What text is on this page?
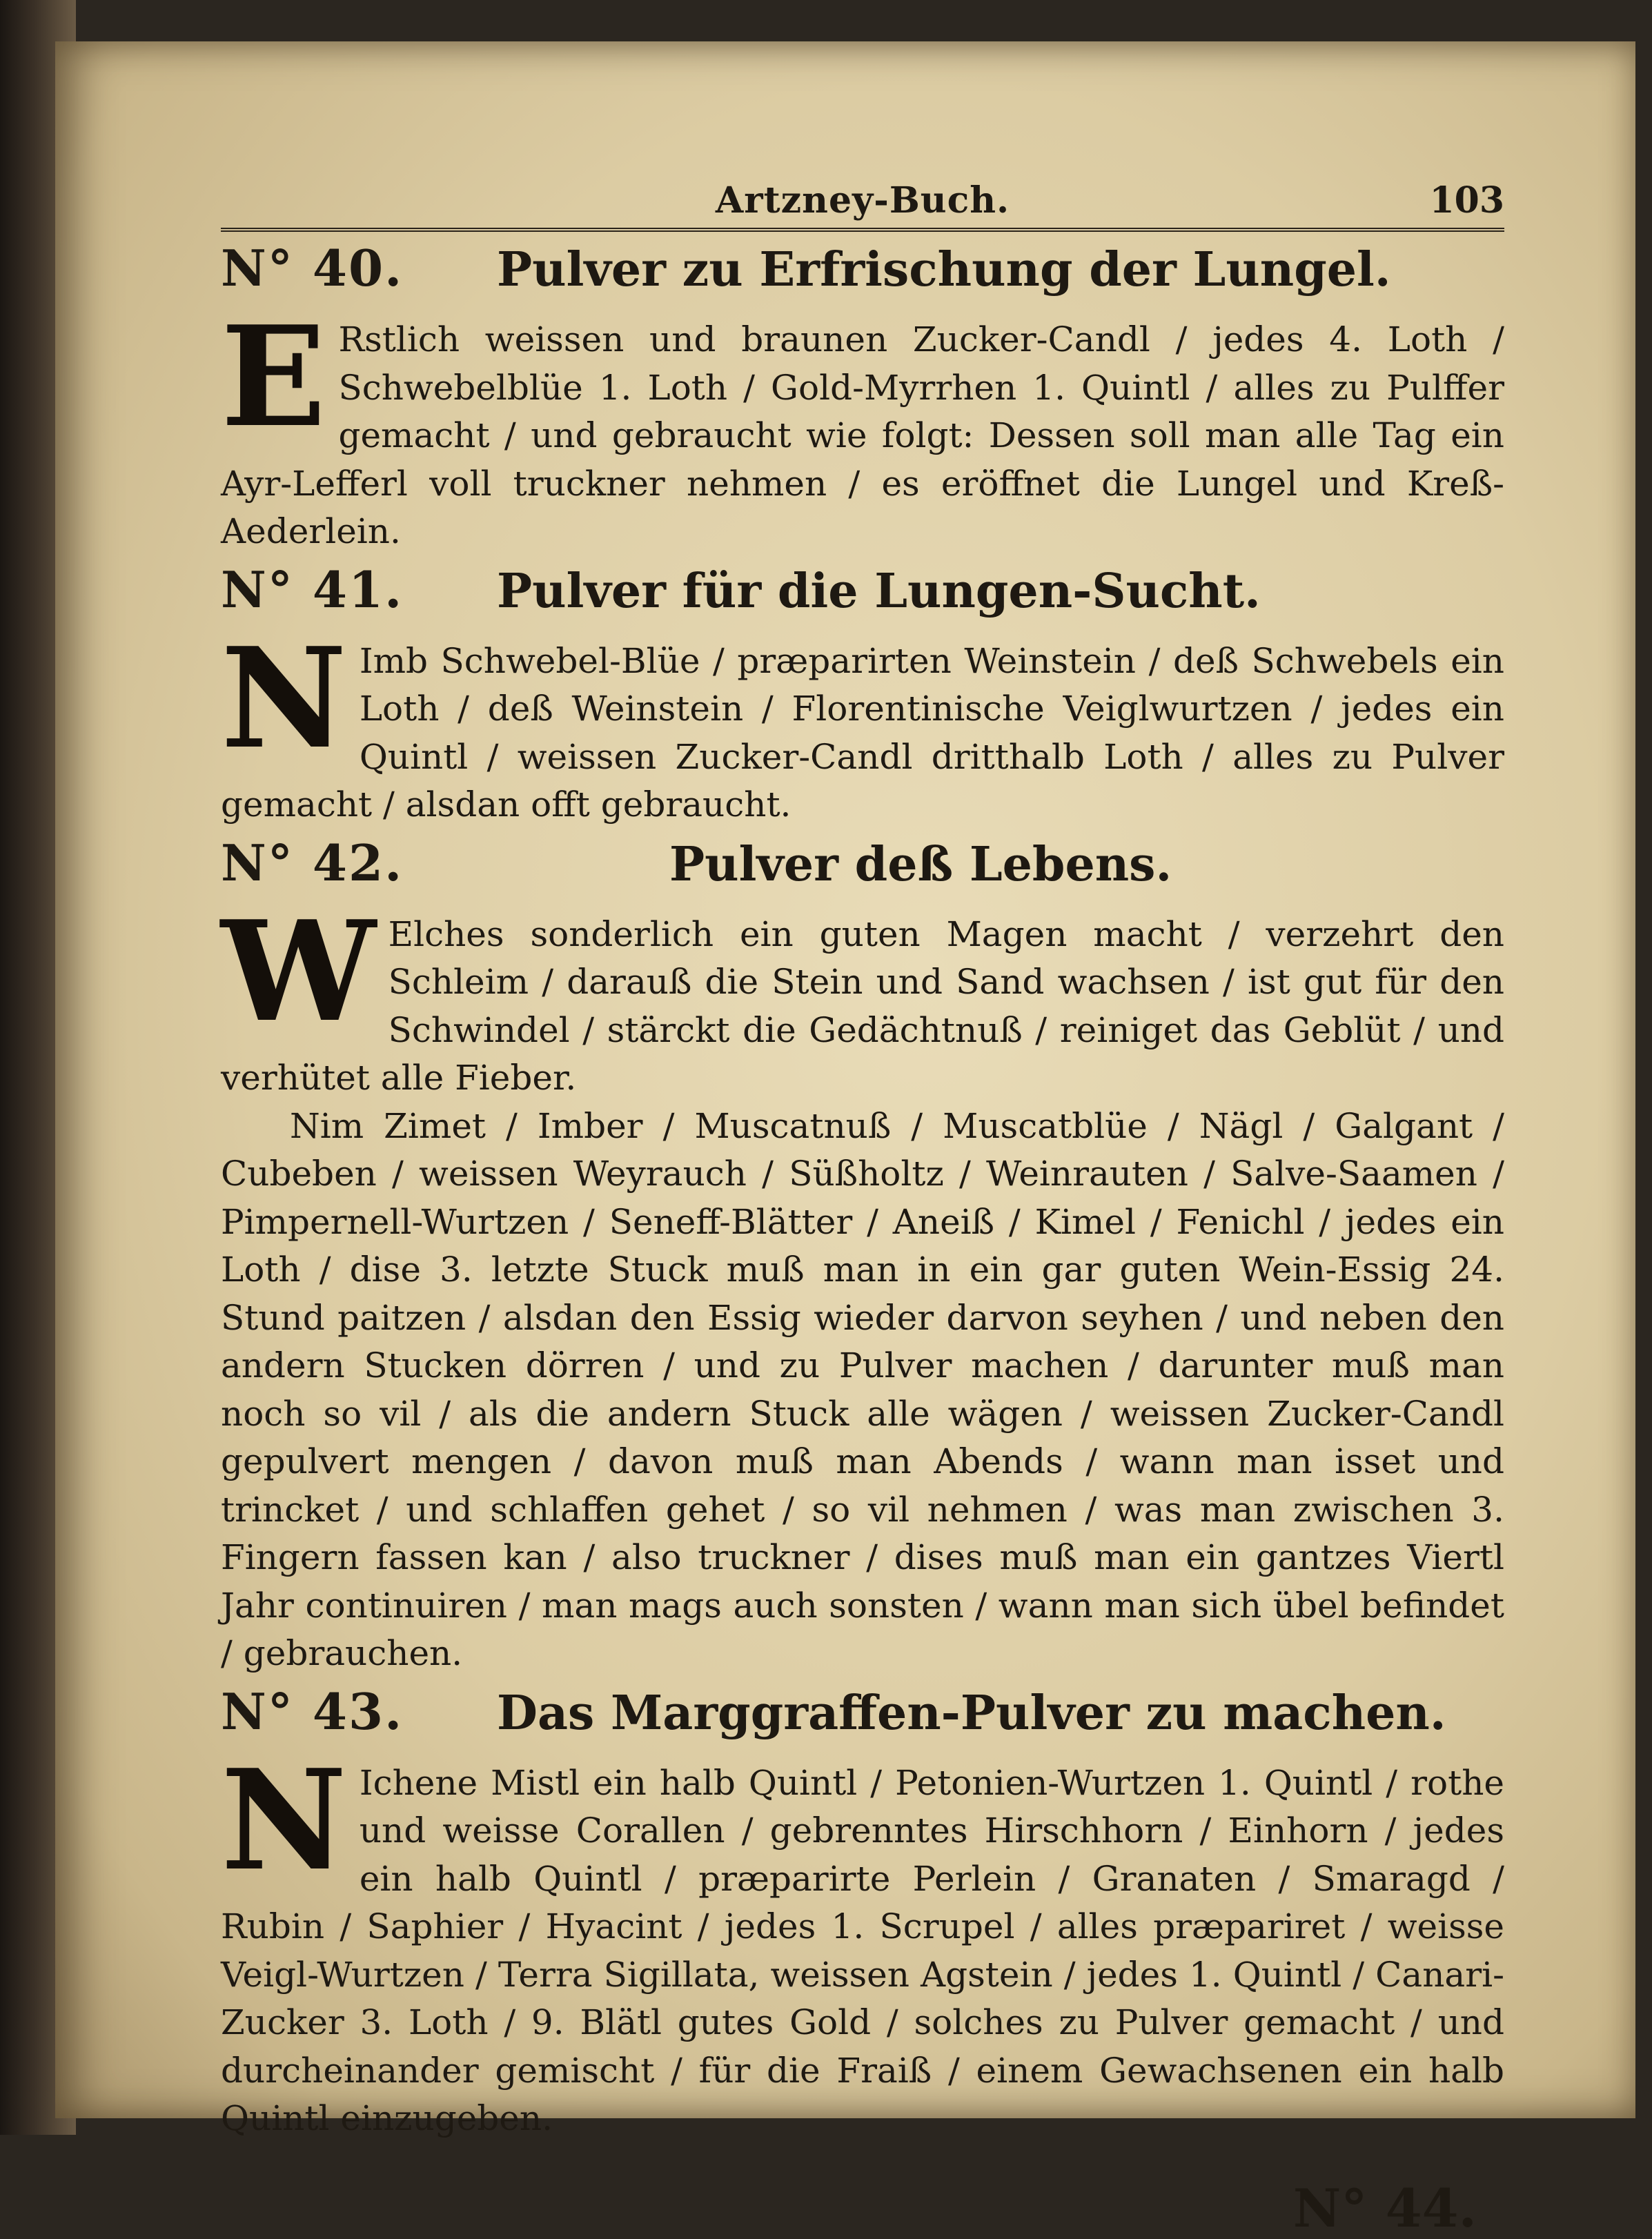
Artzney-Buch.	103
N° 40.	Pulver zu Erfrischung der Lungel.
E Rstlich weissen und braunen Zucker-Candl / jedes 4. Loth / Schwebelblüe 1. Loth / Gold-Myrrhen 1. Quintl / alles zu Pulffer gemacht / und gebraucht wie folgt: Dessen soll man alle Tag ein Ayr-Lefferl voll truckner nehmen / es eröffnet die Lungel und Kreß-Aederlein.

N° 41.	Pulver für die Lungen-Sucht.
N Imb Schwebel-Blüe / præparirten Weinstein / deß Schwebels ein Loth / deß Weinstein / Florentinische Veiglwurtzen / jedes ein Quintl / weissen Zucker-Candl dritthalb Loth / alles zu Pulver gemacht / alsdan offt gebraucht.

N° 42.	Pulver deß Lebens.
W Elches sonderlich ein guten Magen macht / verzehrt den Schleim / darauß die Stein und Sand wachsen / ist gut für den Schwindel / stärckt die Gedächtnuß / reiniget das Geblüt / und verhütet alle Fieber.

Nim Zimet / Imber / Muscatnuß / Muscatblüe / Nägl / Galgant / Cubeben / weissen Weyrauch / Süßholtz / Weinrauten / Salve-Saamen / Pimpernell-Wurtzen / Seneff-Blätter / Aneiß / Kimel / Fenichl / jedes ein Loth / dise 3. letzte Stuck muß man in ein gar guten Wein-Essig 24. Stund paitzen / alsdan den Essig wieder darvon seyhen / und neben den andern Stucken dörren / und zu Pulver machen / darunter muß man noch so vil / als die andern Stuck alle wägen / weissen Zucker-Candl gepulvert mengen / davon muß man Abends / wann man isset und trincket / und schlaffen gehet / so vil nehmen / was man zwischen 3. Fingern fassen kan / also truckner / dises muß man ein gantzes Viertl Jahr continuiren / man mags auch sonsten / wann man sich übel befindet / gebrauchen.

N° 43.	Das Marggraffen-Pulver zu machen.
N Ichene Mistl ein halb Quintl / Petonien-Wurtzen 1. Quintl / rothe und weisse Corallen / gebrenntes Hirschhorn / Einhorn / jedes ein halb Quintl / præparirte Perlein / Granaten / Smaragd / Rubin / Saphier / Hyacint / jedes 1. Scrupel / alles præpariret / weisse Veigl-Wurtzen / Terra Sigillata, weissen Agstein / jedes 1. Quintl / Canari-Zucker 3. Loth / 9. Blätl gutes Gold / solches zu Pulver gemacht / und durcheinander gemischt / für die Fraiß / einem Gewachsenen ein halb Quintl einzugeben.

N° 44.
